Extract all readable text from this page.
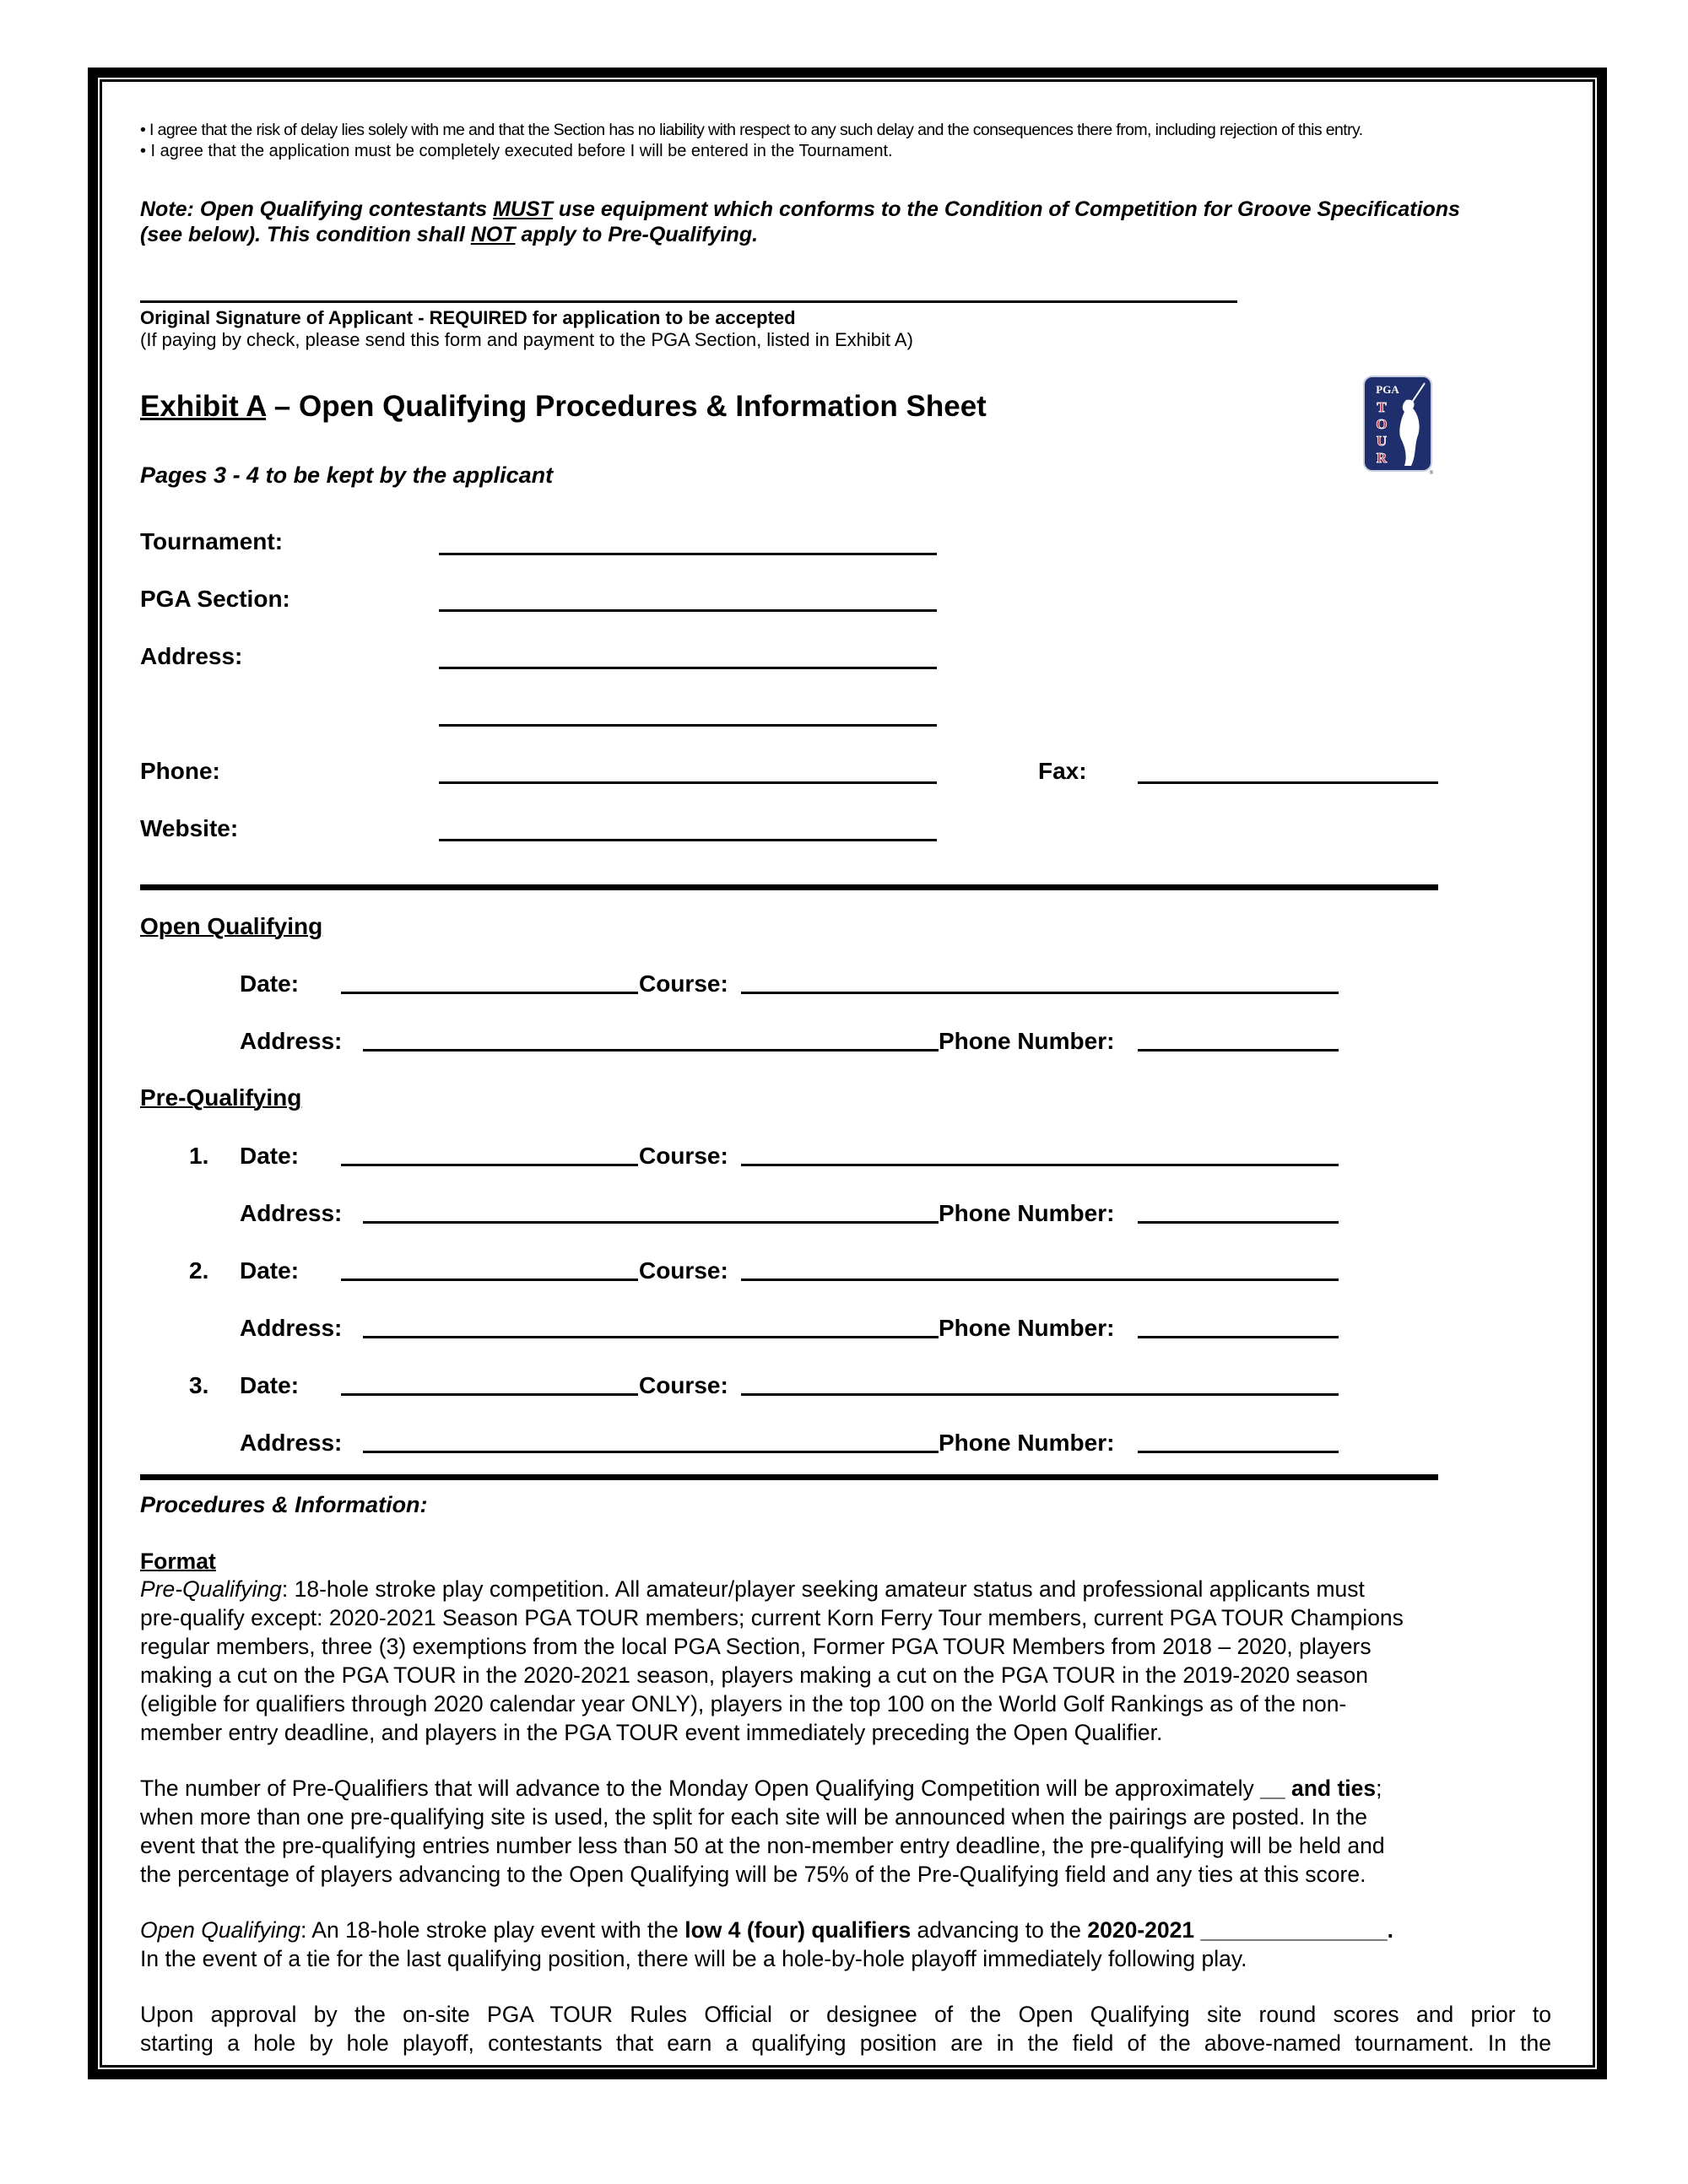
• I agree that the risk of delay lies solely with me and that the Section has no liability with respect to any such delay and the consequences there from, including rejection of this entry.
• I agree that the application must be completely executed before I will be entered in the Tournament.
Note: Open Qualifying contestants MUST use equipment which conforms to the Condition of Competition for Groove Specifications
(see below). This condition shall NOT apply to Pre-Qualifying.
Original Signature of Applicant - REQUIRED for application to be accepted
(If paying by check, please send this form and payment to the PGA Section, listed in Exhibit A)
Exhibit A – Open Qualifying Procedures & Information Sheet
Pages 3 - 4 to be kept by the applicant
PGA
T
O
U
R
®
Tournament:
PGA Section:
Address:
Phone:	Fax:
Website:
Open Qualifying
Date:	Course:
Address:	Phone Number:
Pre-Qualifying
1. Date:	Course:
Address:	Phone Number:
2. Date:	Course:
Address:	Phone Number:
3. Date:	Course:
Address:	Phone Number:
Procedures & Information:
Format
Pre-Qualifying: 18-hole stroke play competition. All amateur/player seeking amateur status and professional applicants must
pre-qualify except: 2020-2021 Season PGA TOUR members; current Korn Ferry Tour members, current PGA TOUR Champions
regular members, three (3) exemptions from the local PGA Section, Former PGA TOUR Members from 2018 – 2020, players
making a cut on the PGA TOUR in the 2020-2021 season, players making a cut on the PGA TOUR in the 2019-2020 season
(eligible for qualifiers through 2020 calendar year ONLY), players in the top 100 on the World Golf Rankings as of the non-
member entry deadline, and players in the PGA TOUR event immediately preceding the Open Qualifier.
The number of Pre-Qualifiers that will advance to the Monday Open Qualifying Competition will be approximately __ and ties;
when more than one pre-qualifying site is used, the split for each site will be announced when the pairings are posted. In the
event that the pre-qualifying entries number less than 50 at the non-member entry deadline, the pre-qualifying will be held and
the percentage of players advancing to the Open Qualifying will be 75% of the Pre-Qualifying field and any ties at this score.
Open Qualifying: An 18-hole stroke play event with the low 4 (four) qualifiers advancing to the 2020-2021 _______________.
In the event of a tie for the last qualifying position, there will be a hole-by-hole playoff immediately following play.
Upon approval by the on-site PGA TOUR Rules Official or designee of the Open Qualifying site round scores and prior to
starting a hole by hole playoff, contestants that earn a qualifying position are in the field of the above-named tournament. In the
